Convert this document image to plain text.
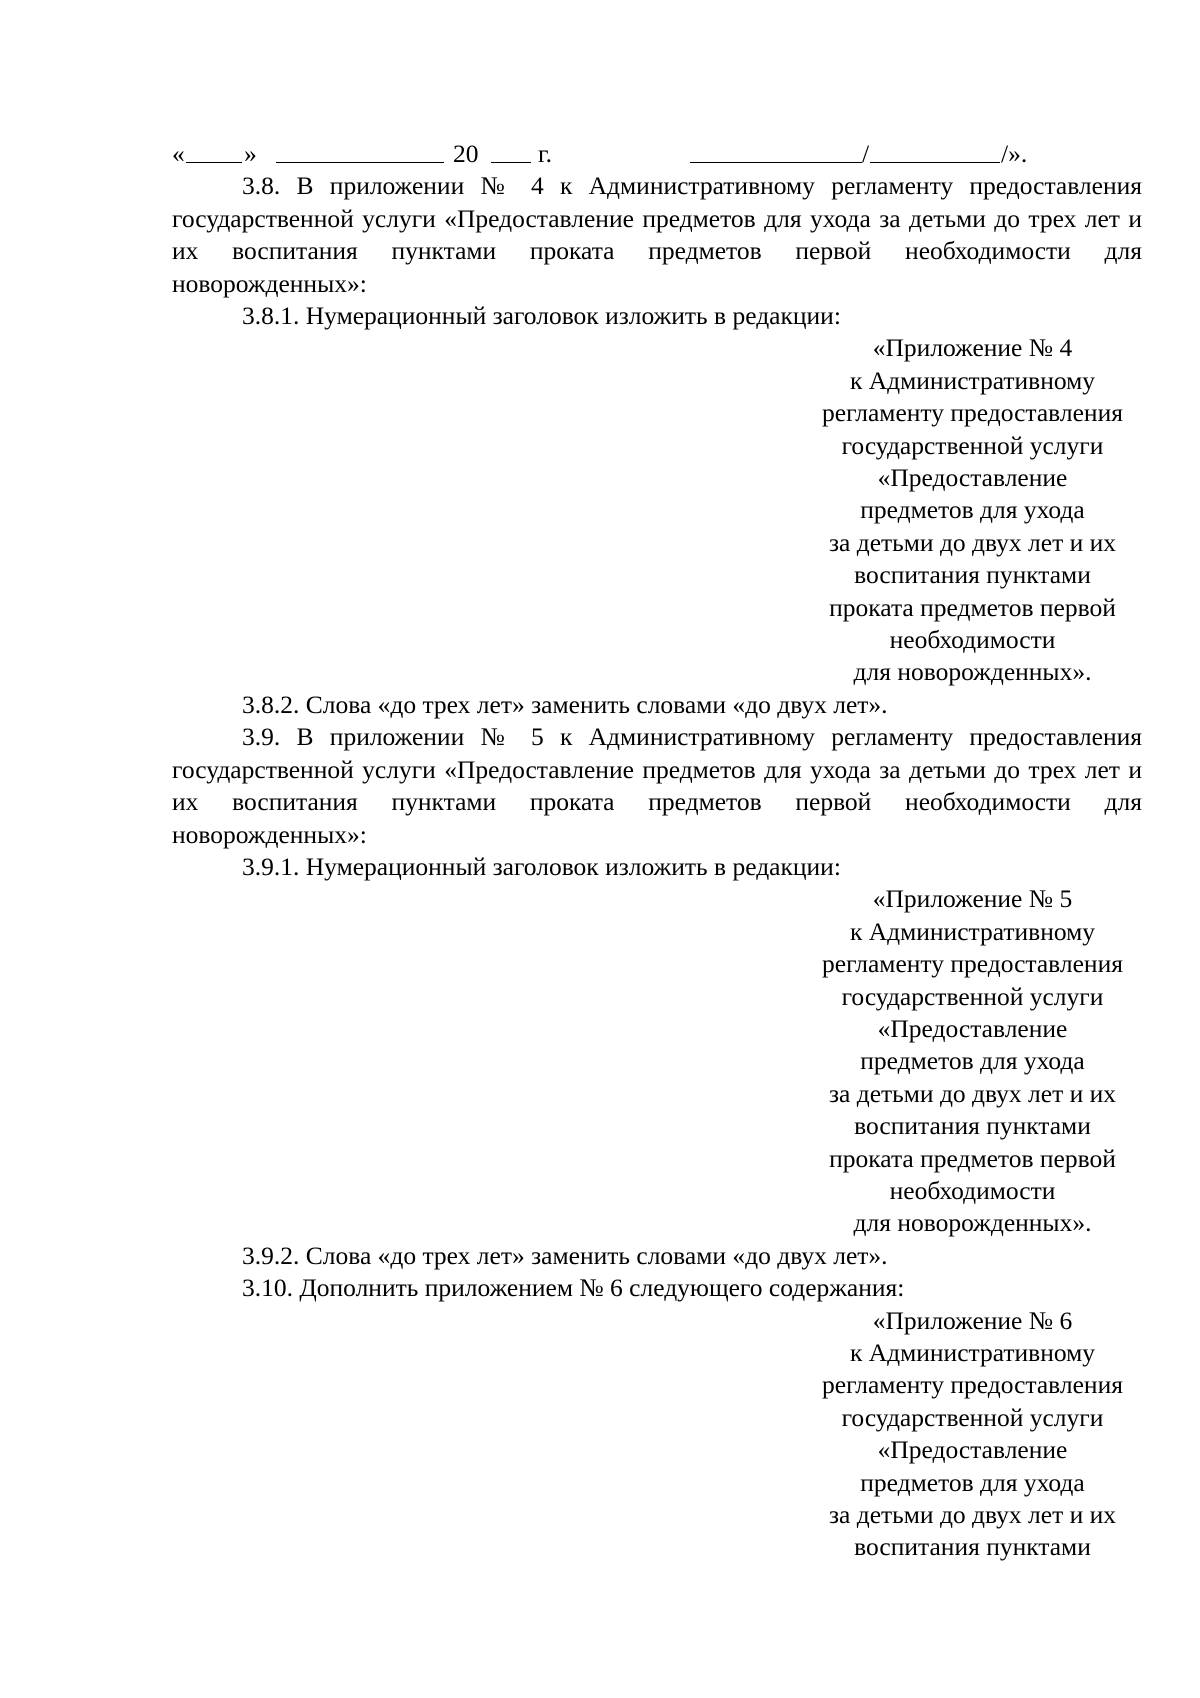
« »	20 г.	/	/».
3.8. В приложении № 4 к Административному регламенту предоставления государственной услуги «Предоставление предметов для ухода за детьми до трех лет и их воспитания пунктами проката предметов первой необходимости для новорожденных»:
3.8.1. Нумерационный заголовок изложить в редакции:
«Приложение № 4
к Административному
регламенту предоставления
государственной услуги
«Предоставление
предметов для ухода
за детьми до двух лет и их
воспитания пунктами
проката предметов первой
необходимости
для новорожденных».
3.8.2. Слова «до трех лет» заменить словами «до двух лет».
3.9. В приложении № 5 к Административному регламенту предоставления государственной услуги «Предоставление предметов для ухода за детьми до трех лет и их воспитания пунктами проката предметов первой необходимости для новорожденных»:
3.9.1. Нумерационный заголовок изложить в редакции:
«Приложение № 5
к Административному
регламенту предоставления
государственной услуги
«Предоставление
предметов для ухода
за детьми до двух лет и их
воспитания пунктами
проката предметов первой
необходимости
для новорожденных».
3.9.2. Слова «до трех лет» заменить словами «до двух лет».
3.10. Дополнить приложением № 6 следующего содержания:
«Приложение № 6
к Административному
регламенту предоставления
государственной услуги
«Предоставление
предметов для ухода
за детьми до двух лет и их
воспитания пунктами
